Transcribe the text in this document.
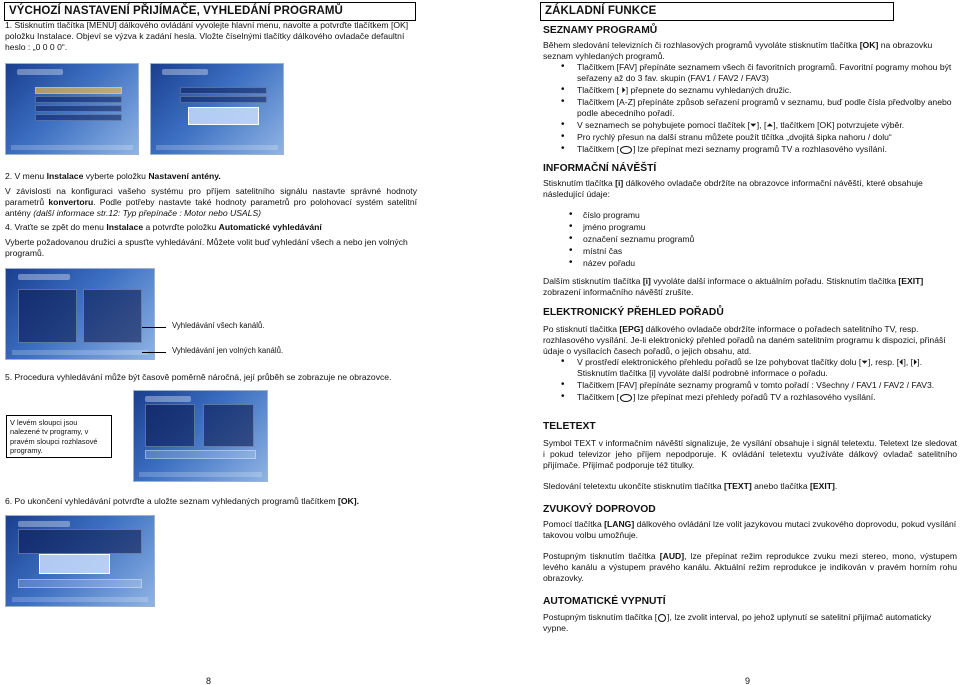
VÝCHOZÍ NASTAVENÍ PŘIJÍMAČE, VYHLEDÁNÍ PROGRAMŮ

1. Stisknutím tlačítka [MENU] dálkového ovládání vyvolejte hlavní menu, navolte a potvrďte tlačítkem [OK] položku Instalace. Objeví se výzva k zadání hesla. Vložte číselnými tlačítky dálkového ovladače defaultní heslo : „0 0 0 0“.

2. V menu Instalace vyberte položku Nastavení antény.

V závislosti na konfiguraci vašeho systému pro příjem satelitního signálu nastavte správné hodnoty parametrů konvertoru. Podle potřeby nastavte také hodnoty parametrů pro polohovací systém satelitní antény (další informace str.12: Typ přepínače : Motor nebo USALS)

4. Vraťte se zpět do menu Instalace a potvrďte položku Automatické vyhledávání

Vyberte požadovanou družici a spusťte vyhledávání. Můžete volit buď vyhledání všech a nebo jen volných programů.

Vyhledávání všech kanálů.
Vyhledávání jen volných kanálů.

5. Procedura vyhledávání může být časově poměrně náročná, její průběh se zobrazuje ne obrazovce.

V levém sloupci jsou nalezené tv programy, v pravém sloupci rozhlasové programy.

6. Po ukončení vyhledávání potvrďte a uložte seznam vyhledaných programů tlačítkem [OK].

8
ZÁKLADNÍ FUNKCE
SEZNAMY PROGRAMŮ

Během sledování televizních či rozhlasových programů vyvoláte stisknutím tlačítka [OK] na obrazovku seznam vyhledaných programů.

• Tlačítkem [FAV] přepínáte seznamem všech či favoritních programů. Favoritní pogramy mohou být seřazeny až do 3 fav. skupin (FAV1 / FAV2 / FAV3)
• Tlačítkem [ ⏵] přepnete do seznamu vyhledaných družic.
• Tlačítkem [A-Z] přepínáte způsob seřazení programů v seznamu, buď podle čísla předvolby anebo podle abecedního pořadí.
• V seznamech se pohybujete pomocí tlačítek [⏷], [⏶], tlačítkem [OK] potvrzujete výběr.
• Pro rychlý přesun na další stranu můžete použít tlčítka „dvojitá šipka nahoru / dolu“
• Tlačítkem [ ] lze přepínat mezi seznamy programů TV a rozhlasového vysílání.
INFORMAČNÍ NÁVĚŠTÍ

Stisknutím tlačítka [i] dálkového ovladače obdržíte na obrazovce informační návěští, které obsahuje následující údaje:

• číslo programu
• jméno programu
• označení seznamu programů
• místní čas
• název pořadu

Dalším stisknutím tlačítka [i] vyvoláte další informace o aktuálním pořadu. Stisknutím tlačítka [EXIT] zobrazení informačního návěští zrušíte.

ELEKTRONICKÝ PŘEHLED POŘADŮ

Po stisknutí tlačítka [EPG] dálkového ovladače obdržíte informace o pořadech satelitního TV, resp. rozhlasového vysílání. Je-li elektronický přehled pořadů na daném satelitním programu k dispozici, přináší údaje o vysílacích časech pořadů, o jejich obsahu, atd.

• V prostředí elektronického přehledu pořadů se lze pohybovat tlačítky dolu [⏷], resp. [⏴], [⏵]. Stisknutím tlačítka [i] vyvoláte další podrobné informace o pořadu.
• Tlačítkem [FAV] přepínáte seznamy programů v tomto pořadí : Všechny / FAV1 / FAV2 / FAV3.
• Tlačítkem [ ] lze přepínat mezi přehledy pořadů TV a rozhlasového vysílání.
TELETEXT

Symbol TEXT v informačním návěští signalizuje, že vysílání obsahuje i signál teletextu. Teletext lze sledovat i pokud televizor jeho příjem nepodporuje. K ovládání teletextu využíváte dálkový ovladač satelitního přijímače. Přijímač podporuje též titulky.

Sledování teletextu ukončíte stisknutím tlačítka [TEXT] anebo tlačítka [EXIT].

ZVUKOVÝ DOPROVOD

Pomocí tlačítka [LANG] dálkového ovládání lze volit jazykovou mutaci zvukového doprovodu, pokud vysílání takovou volbu umožňuje.

Postupným tisknutím tlačítka [AUD], lze přepínat režim reprodukce zvuku mezi stereo, mono, výstupem levého kanálu a výstupem pravého kanálu. Aktuální režim reprodukce je indikován v pravém horním rohu obrazovky.

AUTOMATICKÉ VYPNUTÍ

Postupným tisknutím tlačítka [ ], lze zvolit interval, po jehož uplynutí se satelitní přijímač automaticky vypne.

9
